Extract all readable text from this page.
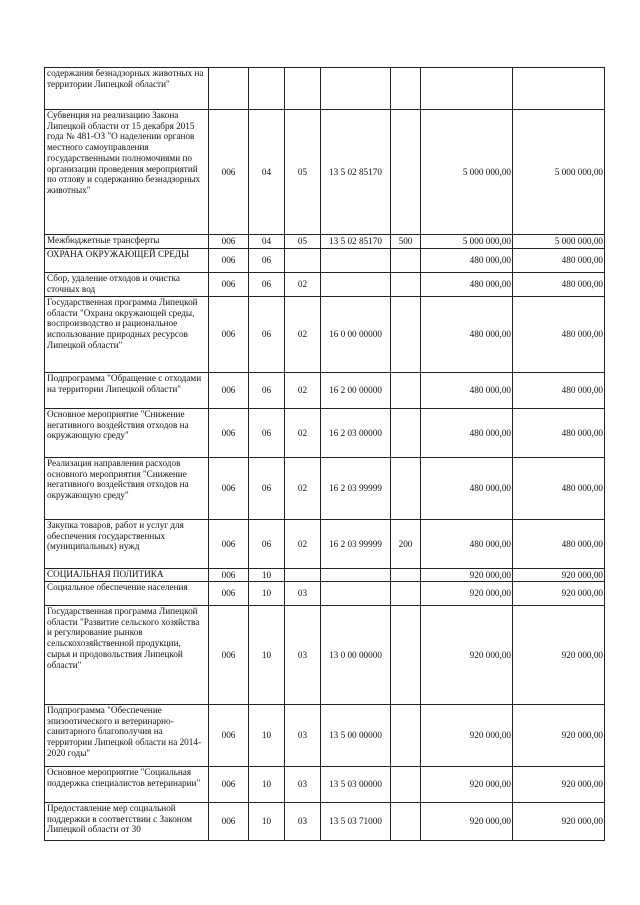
содержания безнадзорных животных на территории Липецкой области"							
Субвенция на реализацию Закона Липецкой области от 15 декабря 2015 года № 481-ОЗ "О наделении органов местного самоуправления государственными полномочиями по организации проведения мероприятий по отлову и содержанию безнадзорных животных"	006	04	05	13 5 02 85170		5 000 000,00	5 000 000,00
Межбюджетные трансферты	006	04	05	13 5 02 85170	500	5 000 000,00	5 000 000,00
ОХРАНА ОКРУЖАЮЩЕЙ СРЕДЫ	006	06				480 000,00	480 000,00
Сбор, удаление отходов и очистка сточных вод	006	06	02			480 000,00	480 000,00
Государственная программа Липецкой области "Охрана окружающей среды, воспроизводство и рациональное использование природных ресурсов Липецкой области"	006	06	02	16 0 00 00000		480 000,00	480 000,00
Подпрограмма "Обращение с отходами на территории Липецкой области"	006	06	02	16 2 00 00000		480 000,00	480 000,00
Основное мероприятие "Снижение негативного воздействия отходов на окружающую среду"	006	06	02	16 2 03 00000		480 000,00	480 000,00
Реализация направления расходов основного мероприятия "Снижение негативного воздействия отходов на окружающую среду"	006	06	02	16 2 03 99999		480 000,00	480 000,00
Закупка товаров, работ и услуг для обеспечения государственных (муниципальных) нужд	006	06	02	16 2 03 99999	200	480 000,00	480 000,00
СОЦИАЛЬНАЯ ПОЛИТИКА	006	10				920 000,00	920 000,00
Социальное обеспечение населения	006	10	03			920 000,00	920 000,00
Государственная программа Липецкой области "Развитие сельского хозяйства и регулирование рынков сельскохозяйственной продукции, сырья и продовольствия Липецкой области"	006	10	03	13 0 00 00000		920 000,00	920 000,00
Подпрограмма "Обеспечение эпизоотического и ветеринарно-санитарного благополучия на территории Липецкой области на 2014-2020 годы"	006	10	03	13 5 00 00000		920 000,00	920 000,00
Основное мероприятие "Социальная поддержка специалистов ветеринарии"	006	10	03	13 5 03 00000		920 000,00	920 000,00
Предоставление мер социальной поддержки в соответствии с Законом Липецкой области от 30	006	10	03	13 5 03 71000		920 000,00	920 000,00
